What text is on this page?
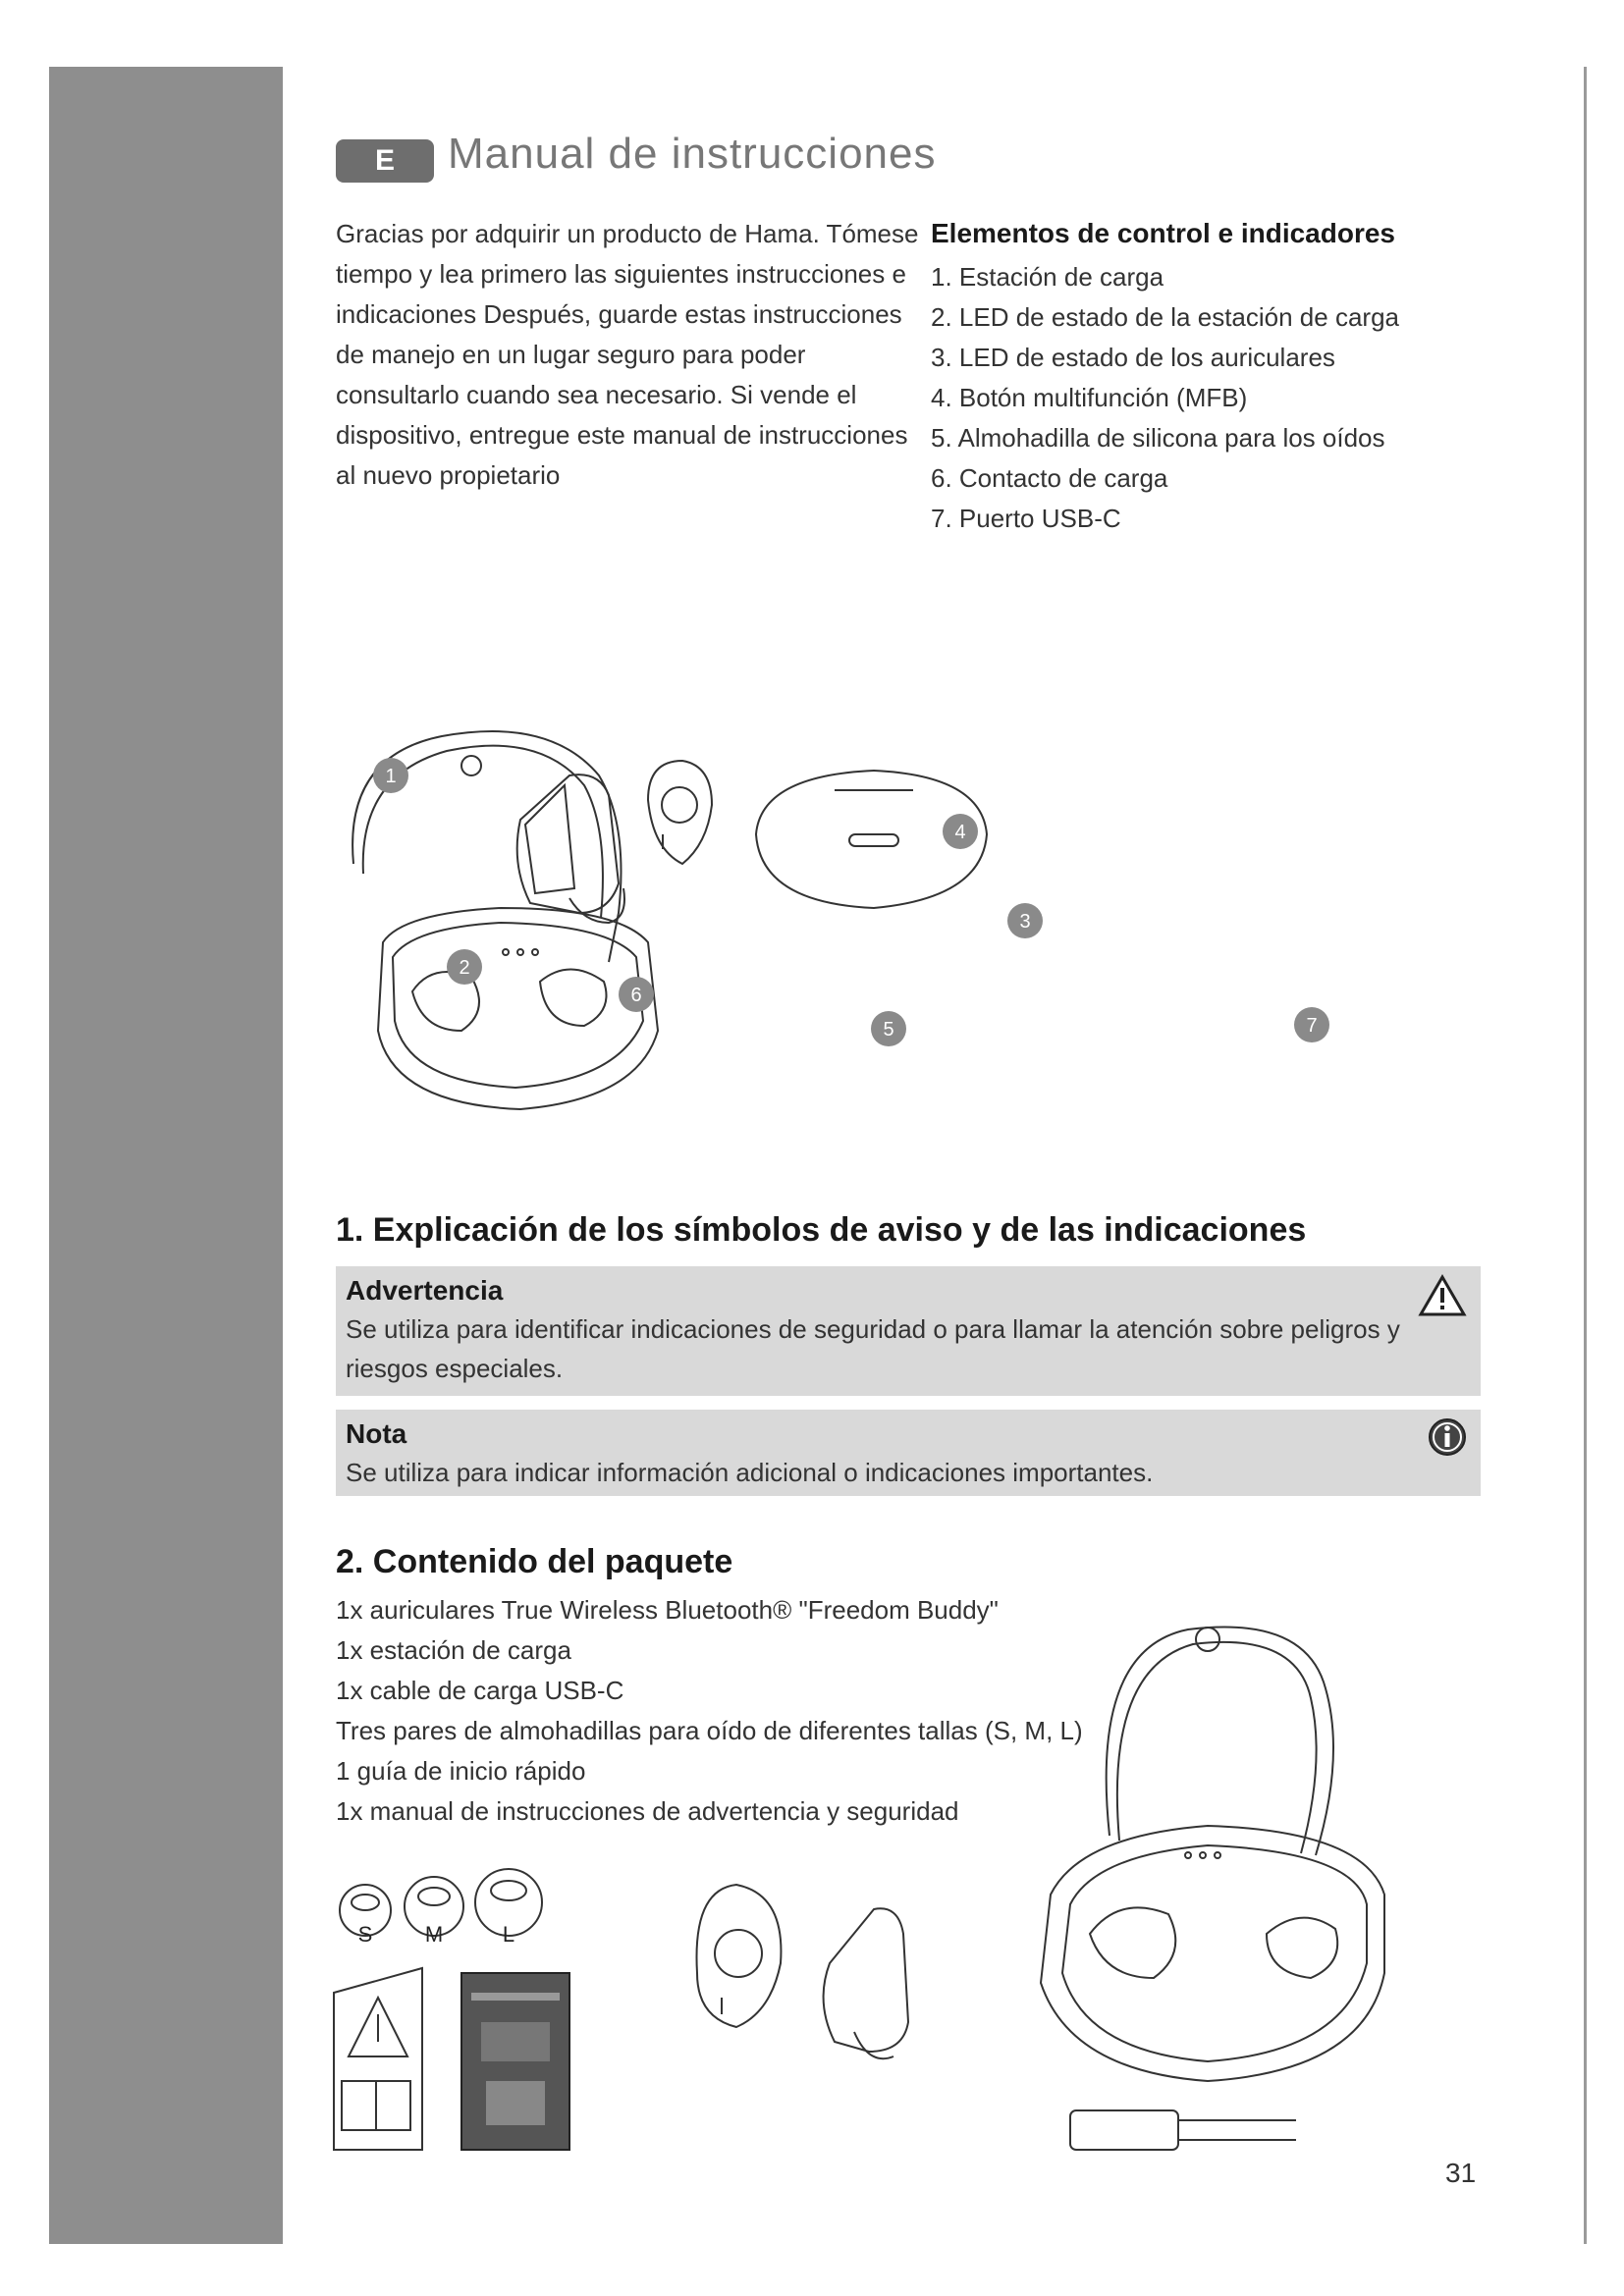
E	Manual de instrucciones

Gracias por adquirir un producto de Hama. Tómese tiempo y lea primero las siguientes instrucciones e indicaciones Después, guarde estas instrucciones de manejo en un lugar seguro para poder consultarlo cuando sea necesario. Si vende el dispositivo, entregue este manual de instrucciones al nuevo propietario

Elementos de control e indicadores
1. Estación de carga
2. LED de estado de la estación de carga
3. LED de estado de los auriculares
4. Botón multifunción (MFB)
5. Almohadilla de silicona para los oídos
6. Contacto de carga
7. Puerto USB-C
1
2
6
5
4
3
7
1. Explicación de los símbolos de aviso y de las indicaciones
Advertencia

Se utiliza para identificar indicaciones de seguridad o para llamar la atención sobre peligros y riesgos especiales.

Nota

Se utiliza para indicar información adicional o indicaciones importantes.

2. Contenido del paquete
1x auriculares True Wireless Bluetooth® "Freedom Buddy"
1x estación de carga
1x cable de carga USB-C
Tres pares de almohadillas para oído de diferentes tallas (S, M, L)
1 guía de inicio rápido
1x manual de instrucciones de advertencia y seguridad
S M	L
31
